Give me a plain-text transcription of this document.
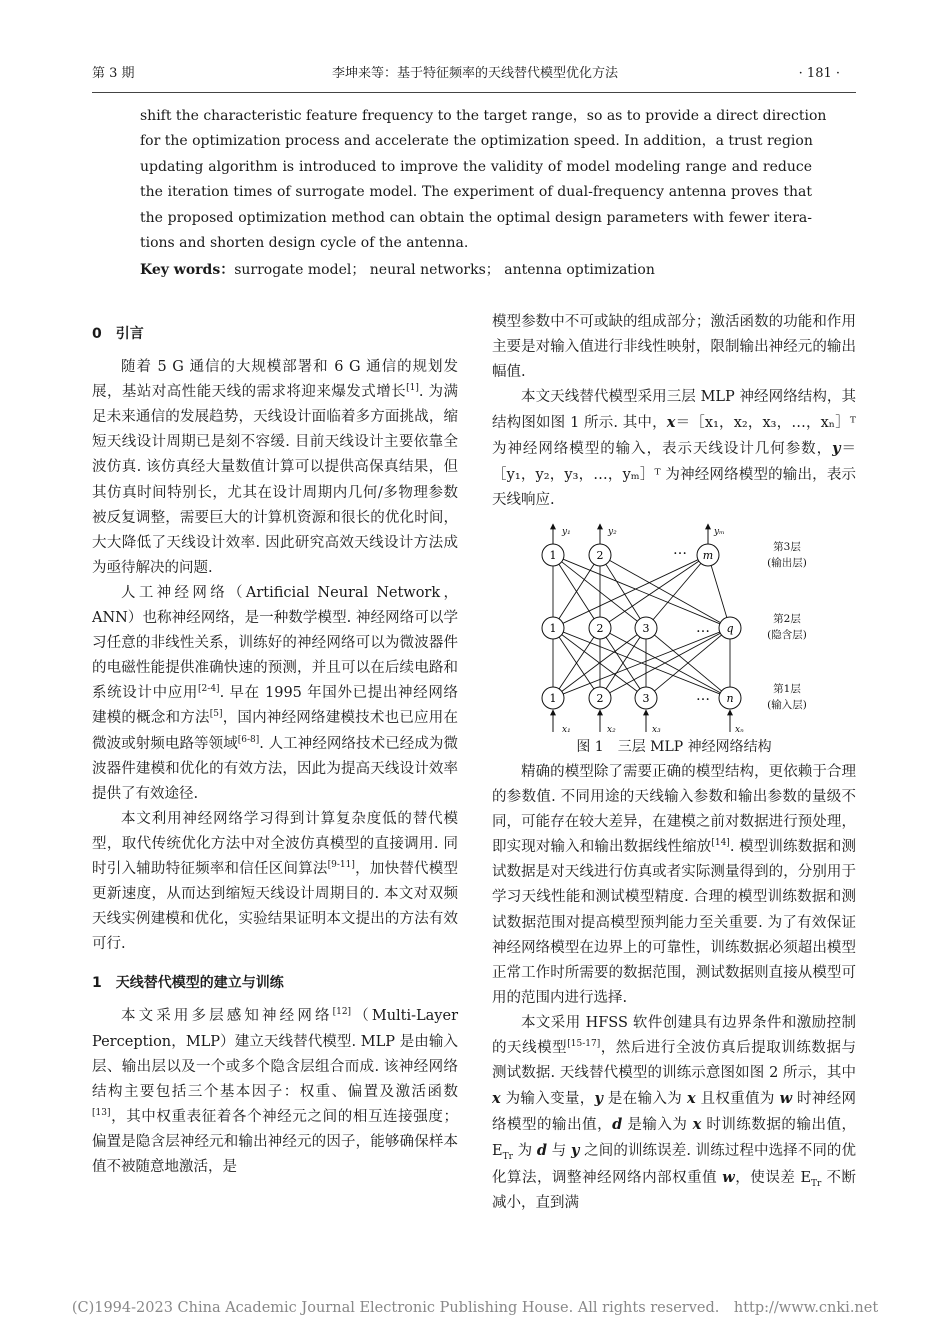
第 3 期	李坤来等：基于特征频率的天线替代模型优化方法	· 181 ·
shift the characteristic feature frequency to the target range，so as to provide a direct direction
for the optimization process and accelerate the optimization speed. In addition，a trust region
updating algorithm is introduced to improve the validity of model modeling range and reduce
the iteration times of surrogate model. The experiment of dual-frequency antenna proves that
the proposed optimization method can obtain the optimal design parameters with fewer itera-
tions and shorten design cycle of the antenna.
Key words：surrogate model； neural networks； antenna optimization
0　引言

随着 5 G 通信的大规模部署和 6 G 通信的规划发展，基站对高性能天线的需求将迎来爆发式增长[1]. 为满足未来通信的发展趋势，天线设计面临着多方面挑战，缩短天线设计周期已是刻不容缓. 目前天线设计主要依靠全波仿真. 该仿真经大量数值计算可以提供高保真结果，但其仿真时间特别长，尤其在设计周期内几何/多物理参数被反复调整，需要巨大的计算机资源和很长的优化时间，大大降低了天线设计效率. 因此研究高效天线设计方法成为亟待解决的问题.

人工神经网络（Artificial Neural Network，ANN）也称神经网络，是一种数学模型. 神经网络可以学习任意的非线性关系，训练好的神经网络可以为微波器件的电磁性能提供准确快速的预测，并且可以在后续电路和系统设计中应用[2-4]. 早在 1995 年国外已提出神经网络建模的概念和方法[5]，国内神经网络建模技术也已应用在微波或射频电路等领域[6-8]. 人工神经网络技术已经成为微波器件建模和优化的有效方法，因此为提高天线设计效率提供了有效途径.

本文利用神经网络学习得到计算复杂度低的替代模型，取代传统优化方法中对全波仿真模型的直接调用. 同时引入辅助特征频率和信任区间算法[9-11]，加快替代模型更新速度，从而达到缩短天线设计周期目的. 本文对双频天线实例建模和优化，实验结果证明本文提出的方法有效可行.

1　天线替代模型的建立与训练

本文采用多层感知神经网络[12]（Multi-Layer Perception，MLP）建立天线替代模型. MLP 是由输入层、输出层以及一个或多个隐含层组合而成. 该神经网络结构主要包括三个基本因子：权重、偏置及激活函数[13]，其中权重表征着各个神经元之间的相互连接强度；偏置是隐含层神经元和输出神经元的因子，能够确保样本值不被随意地激活，是

模型参数中不可或缺的组成部分；激活函数的功能和作用主要是对输入值进行非线性映射，限制输出神经元的输出幅值.

本文天线替代模型采用三层 MLP 神经网络结构，其结构图如图 1 所示. 其中，x＝［x₁，x₂，x₃，…，xₙ］ᵀ 为神经网络模型的输入，表示天线设计几何参数，y＝［y₁，y₂，y₃，…，yₘ］ᵀ 为神经网络模型的输出，表示天线响应.

1	2	m
1	2	3	q
1	2	3	n
…
…
…
第3层
(输出层)
第2层
(隐含层)
第1层
(输入层)
y₁	y₂	yₘ
x₁	x₂	x₃	xₙ
图 1　三层 MLP 神经网络结构

精确的模型除了需要正确的模型结构，更依赖于合理的参数值. 不同用途的天线输入参数和输出参数的量级不同，可能存在较大差异，在建模之前对数据进行预处理，即实现对输入和输出数据线性缩放[14]. 模型训练数据和测试数据是对天线进行仿真或者实际测量得到的，分别用于学习天线性能和测试模型精度. 合理的模型训练数据和测试数据范围对提高模型预判能力至关重要. 为了有效保证神经网络模型在边界上的可靠性，训练数据必须超出模型正常工作时所需要的数据范围，测试数据则直接从模型可用的范围内进行选择.

本文采用 HFSS 软件创建具有边界条件和激励控制的天线模型[15-17]，然后进行全波仿真后提取训练数据与测试数据. 天线替代模型的训练示意图如图 2 所示，其中 x 为输入变量，y 是在输入为 x 且权重值为 w 时神经网络模型的输出值，d 是输入为 x 时训练数据的输出值，$E_{Tr}$ 为 d 与 y 之间的训练误差. 训练过程中选择不同的优化算法，调整神经网络内部权重值 w，使误差 $E_{Tr}$ 不断减小，直到满

(C)1994-2023 China Academic Journal Electronic Publishing House. All rights reserved.　http://www.cnki.net
